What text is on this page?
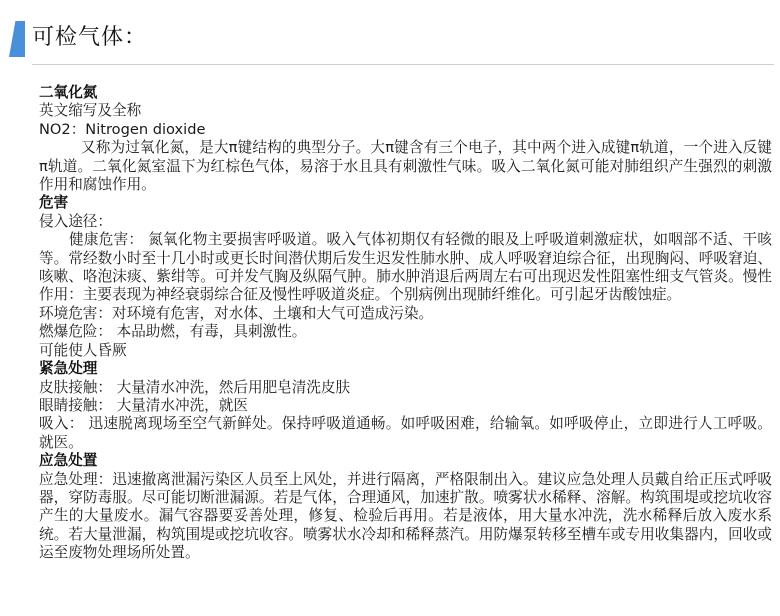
可检气体：
二氧化氮

英文缩写及全称

NO2：Nitrogen dioxide

又称为过氧化氮，是大π键结构的典型分子。大π键含有三个电子，其中两个进入成键π轨道，一个进入反键π轨道。二氧化氮室温下为红棕色气体，易溶于水且具有刺激性气味。吸入二氧化氮可能对肺组织产生强烈的刺激作用和腐蚀作用。

危害

侵入途径：

健康危害： 氮氧化物主要损害呼吸道。吸入气体初期仅有轻微的眼及上呼吸道刺激症状，如咽部不适、干咳等。常经数小时至十几小时或更长时间潜伏期后发生迟发性肺水肿、成人呼吸窘迫综合征，出现胸闷、呼吸窘迫、咳嗽、咯泡沫痰、紫绀等。可并发气胸及纵隔气肿。肺水肿消退后两周左右可出现迟发性阻塞性细支气管炎。慢性作用：主要表现为神经衰弱综合征及慢性呼吸道炎症。个别病例出现肺纤维化。可引起牙齿酸蚀症。

环境危害：对环境有危害，对水体、土壤和大气可造成污染。

燃爆危险： 本品助燃，有毒，具刺激性。

可能使人昏厥

紧急处理

皮肤接触： 大量清水冲洗，然后用肥皂清洗皮肤

眼睛接触： 大量清水冲洗，就医

吸入： 迅速脱离现场至空气新鲜处。保持呼吸道通畅。如呼吸困难，给输氧。如呼吸停止，立即进行人工呼吸。就医。

应急处置

应急处理：迅速撤离泄漏污染区人员至上风处，并进行隔离，严格限制出入。建议应急处理人员戴自给正压式呼吸器，穿防毒服。尽可能切断泄漏源。若是气体，合理通风，加速扩散。喷雾状水稀释、溶解。构筑围堤或挖坑收容产生的大量废水。漏气容器要妥善处理，修复、检验后再用。若是液体，用大量水冲洗，洗水稀释后放入废水系统。若大量泄漏，构筑围堤或挖坑收容。喷雾状水冷却和稀释蒸汽。用防爆泵转移至槽车或专用收集器内，回收或运至废物处理场所处置。
